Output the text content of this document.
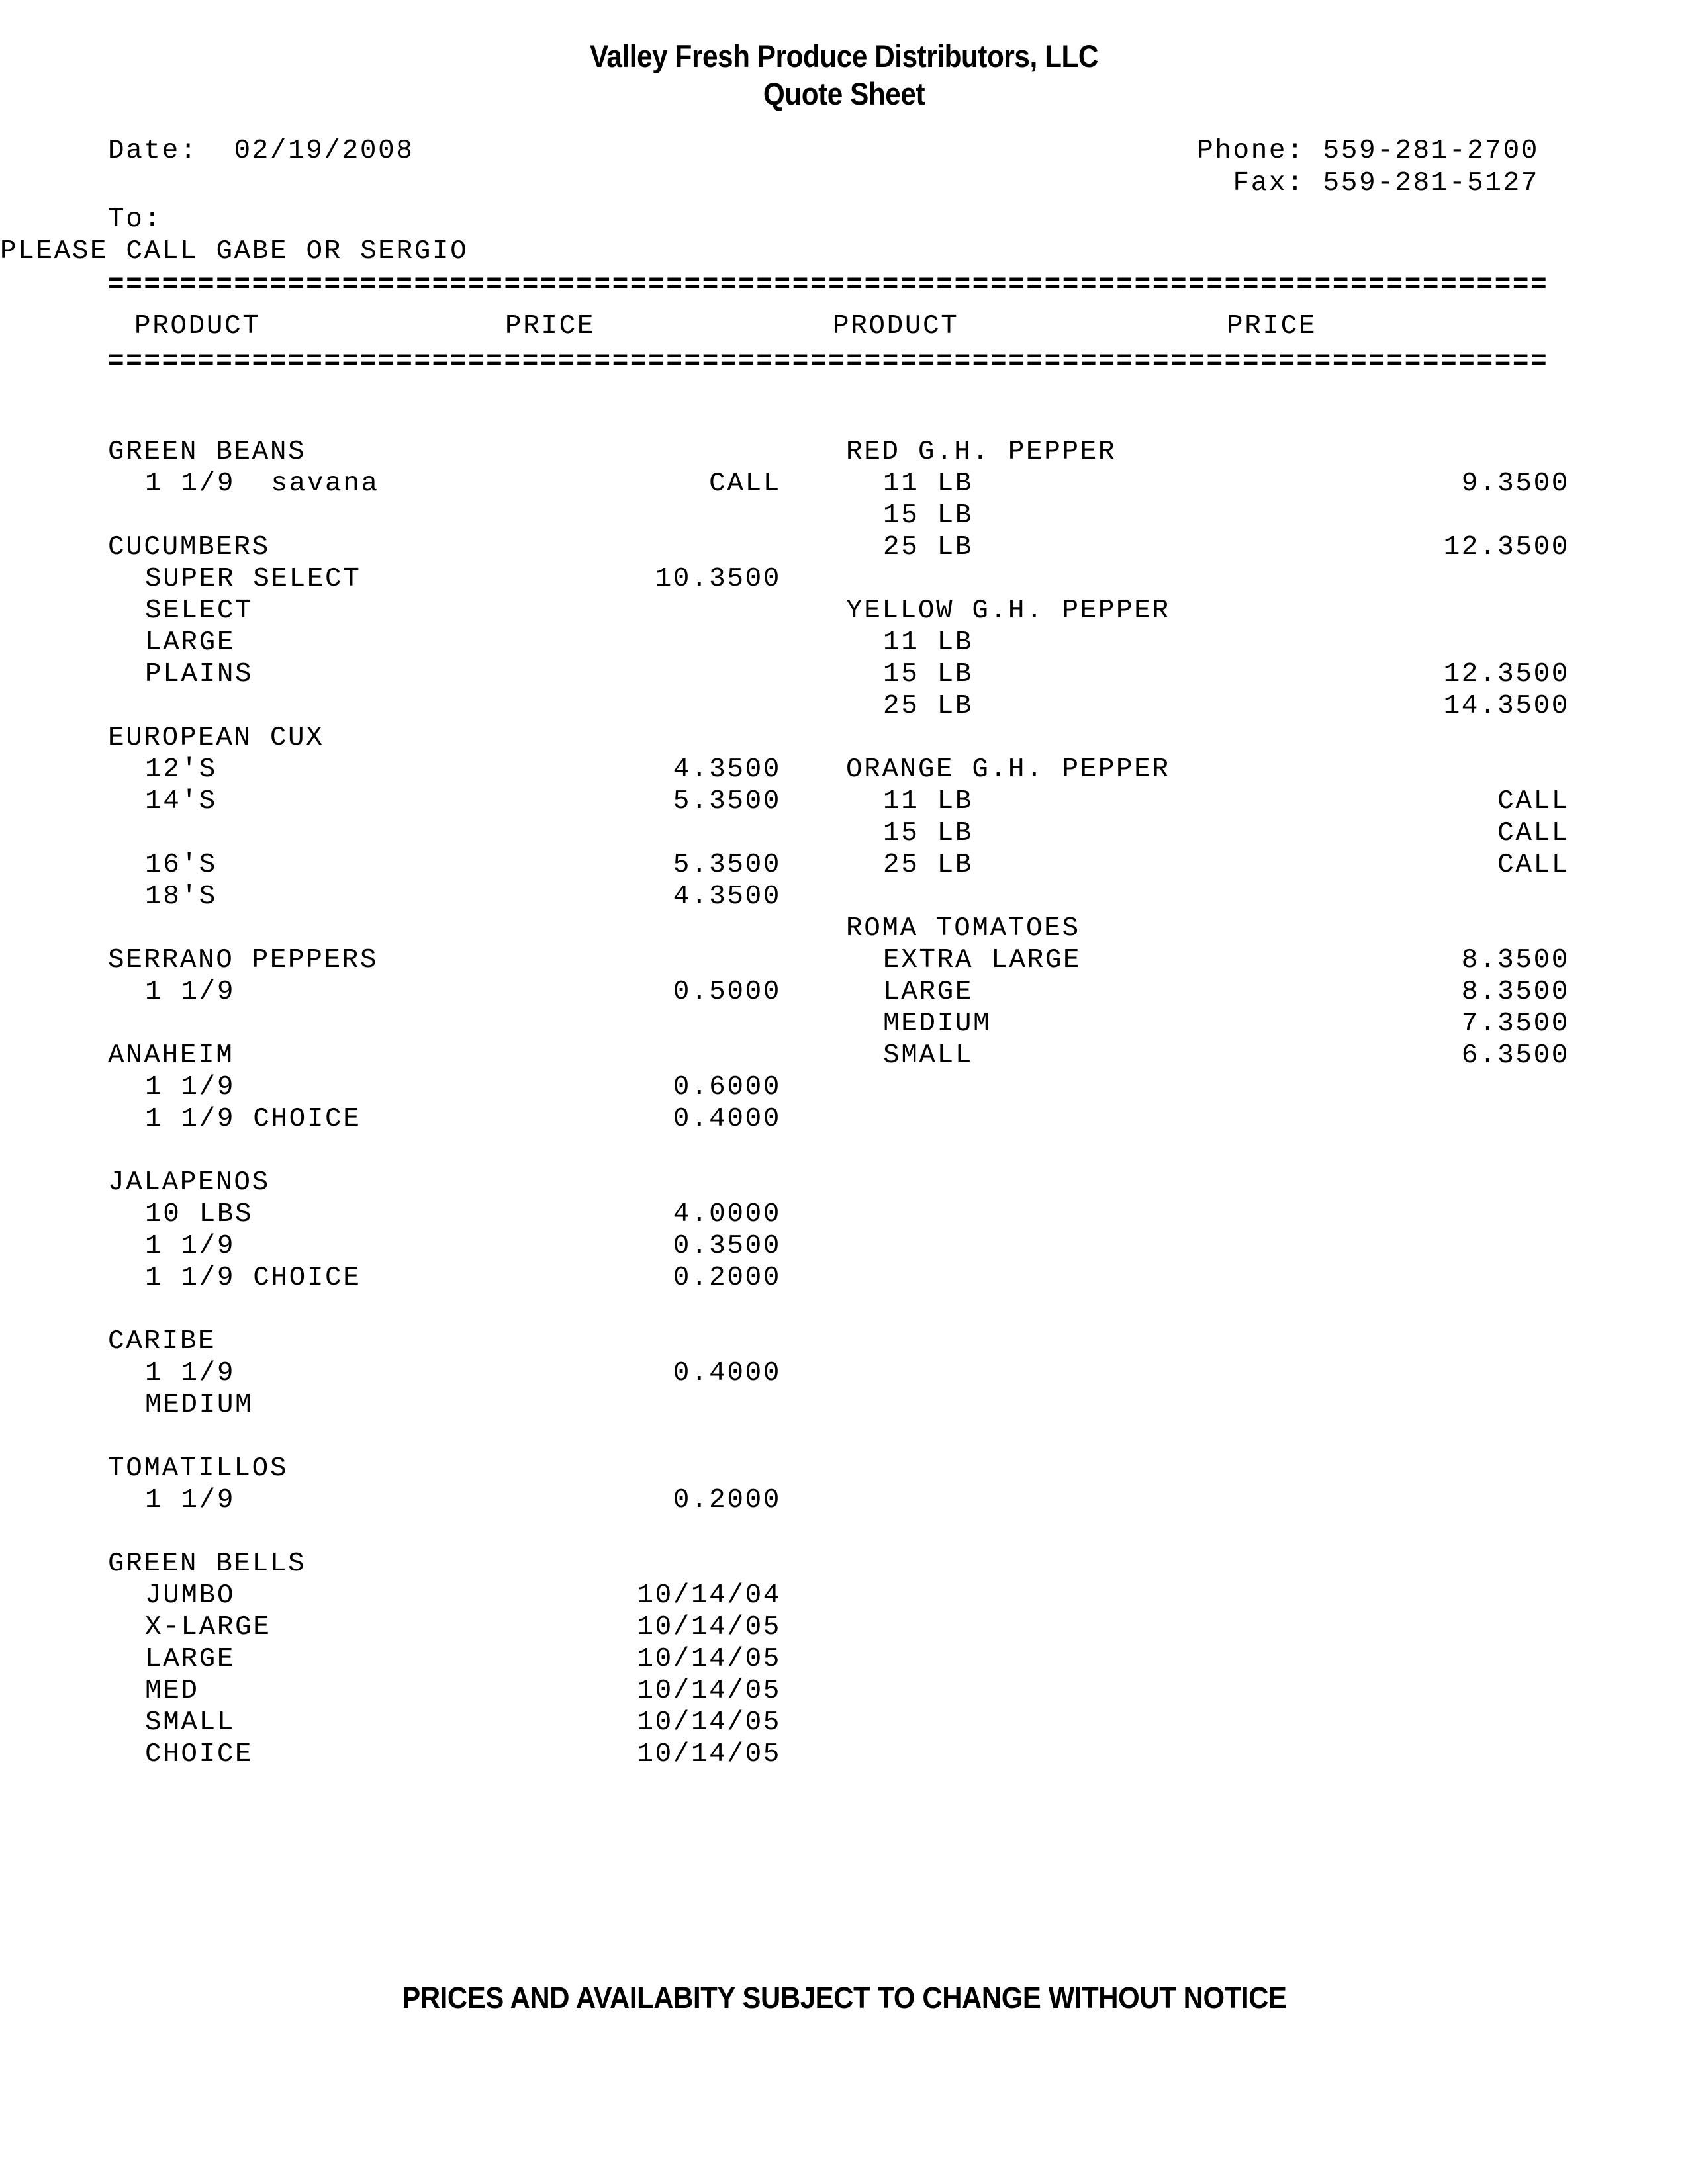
Valley Fresh Produce Distributors, LLC
Quote Sheet
Date: 02/19/2008	Phone: 559-281-2700
Fax: 559-281-5127
To:
PLEASE CALL GABE OR SERGIO
================================================================================
PRODUCT	PRICE	PRODUCT	PRICE
================================================================================
GREEN BEANS
1 1/9  savana	CALL
CUCUMBERS
SUPER SELECT	10.3500
SELECT
LARGE
PLAINS
EUROPEAN CUX
12'S	4.3500
14'S	5.3500
16'S	5.3500
18'S	4.3500
SERRANO PEPPERS
1 1/9	0.5000
ANAHEIM
1 1/9	0.6000
1 1/9 CHOICE	0.4000
JALAPENOS
10 LBS	4.0000
1 1/9	0.3500
1 1/9 CHOICE	0.2000
CARIBE
1 1/9	0.4000
MEDIUM
TOMATILLOS
1 1/9	0.2000
GREEN BELLS
JUMBO	10/14/04
X-LARGE	10/14/05
LARGE	10/14/05
MED	10/14/05
SMALL	10/14/05
CHOICE	10/14/05
RED G.H. PEPPER
11 LB	9.3500
15 LB
25 LB	12.3500
YELLOW G.H. PEPPER
11 LB
15 LB	12.3500
25 LB	14.3500
ORANGE G.H. PEPPER
11 LB	CALL
15 LB	CALL
25 LB	CALL
ROMA TOMATOES
EXTRA LARGE	8.3500
LARGE	8.3500
MEDIUM	7.3500
SMALL	6.3500
PRICES AND AVAILABITY SUBJECT TO CHANGE WITHOUT NOTICE
